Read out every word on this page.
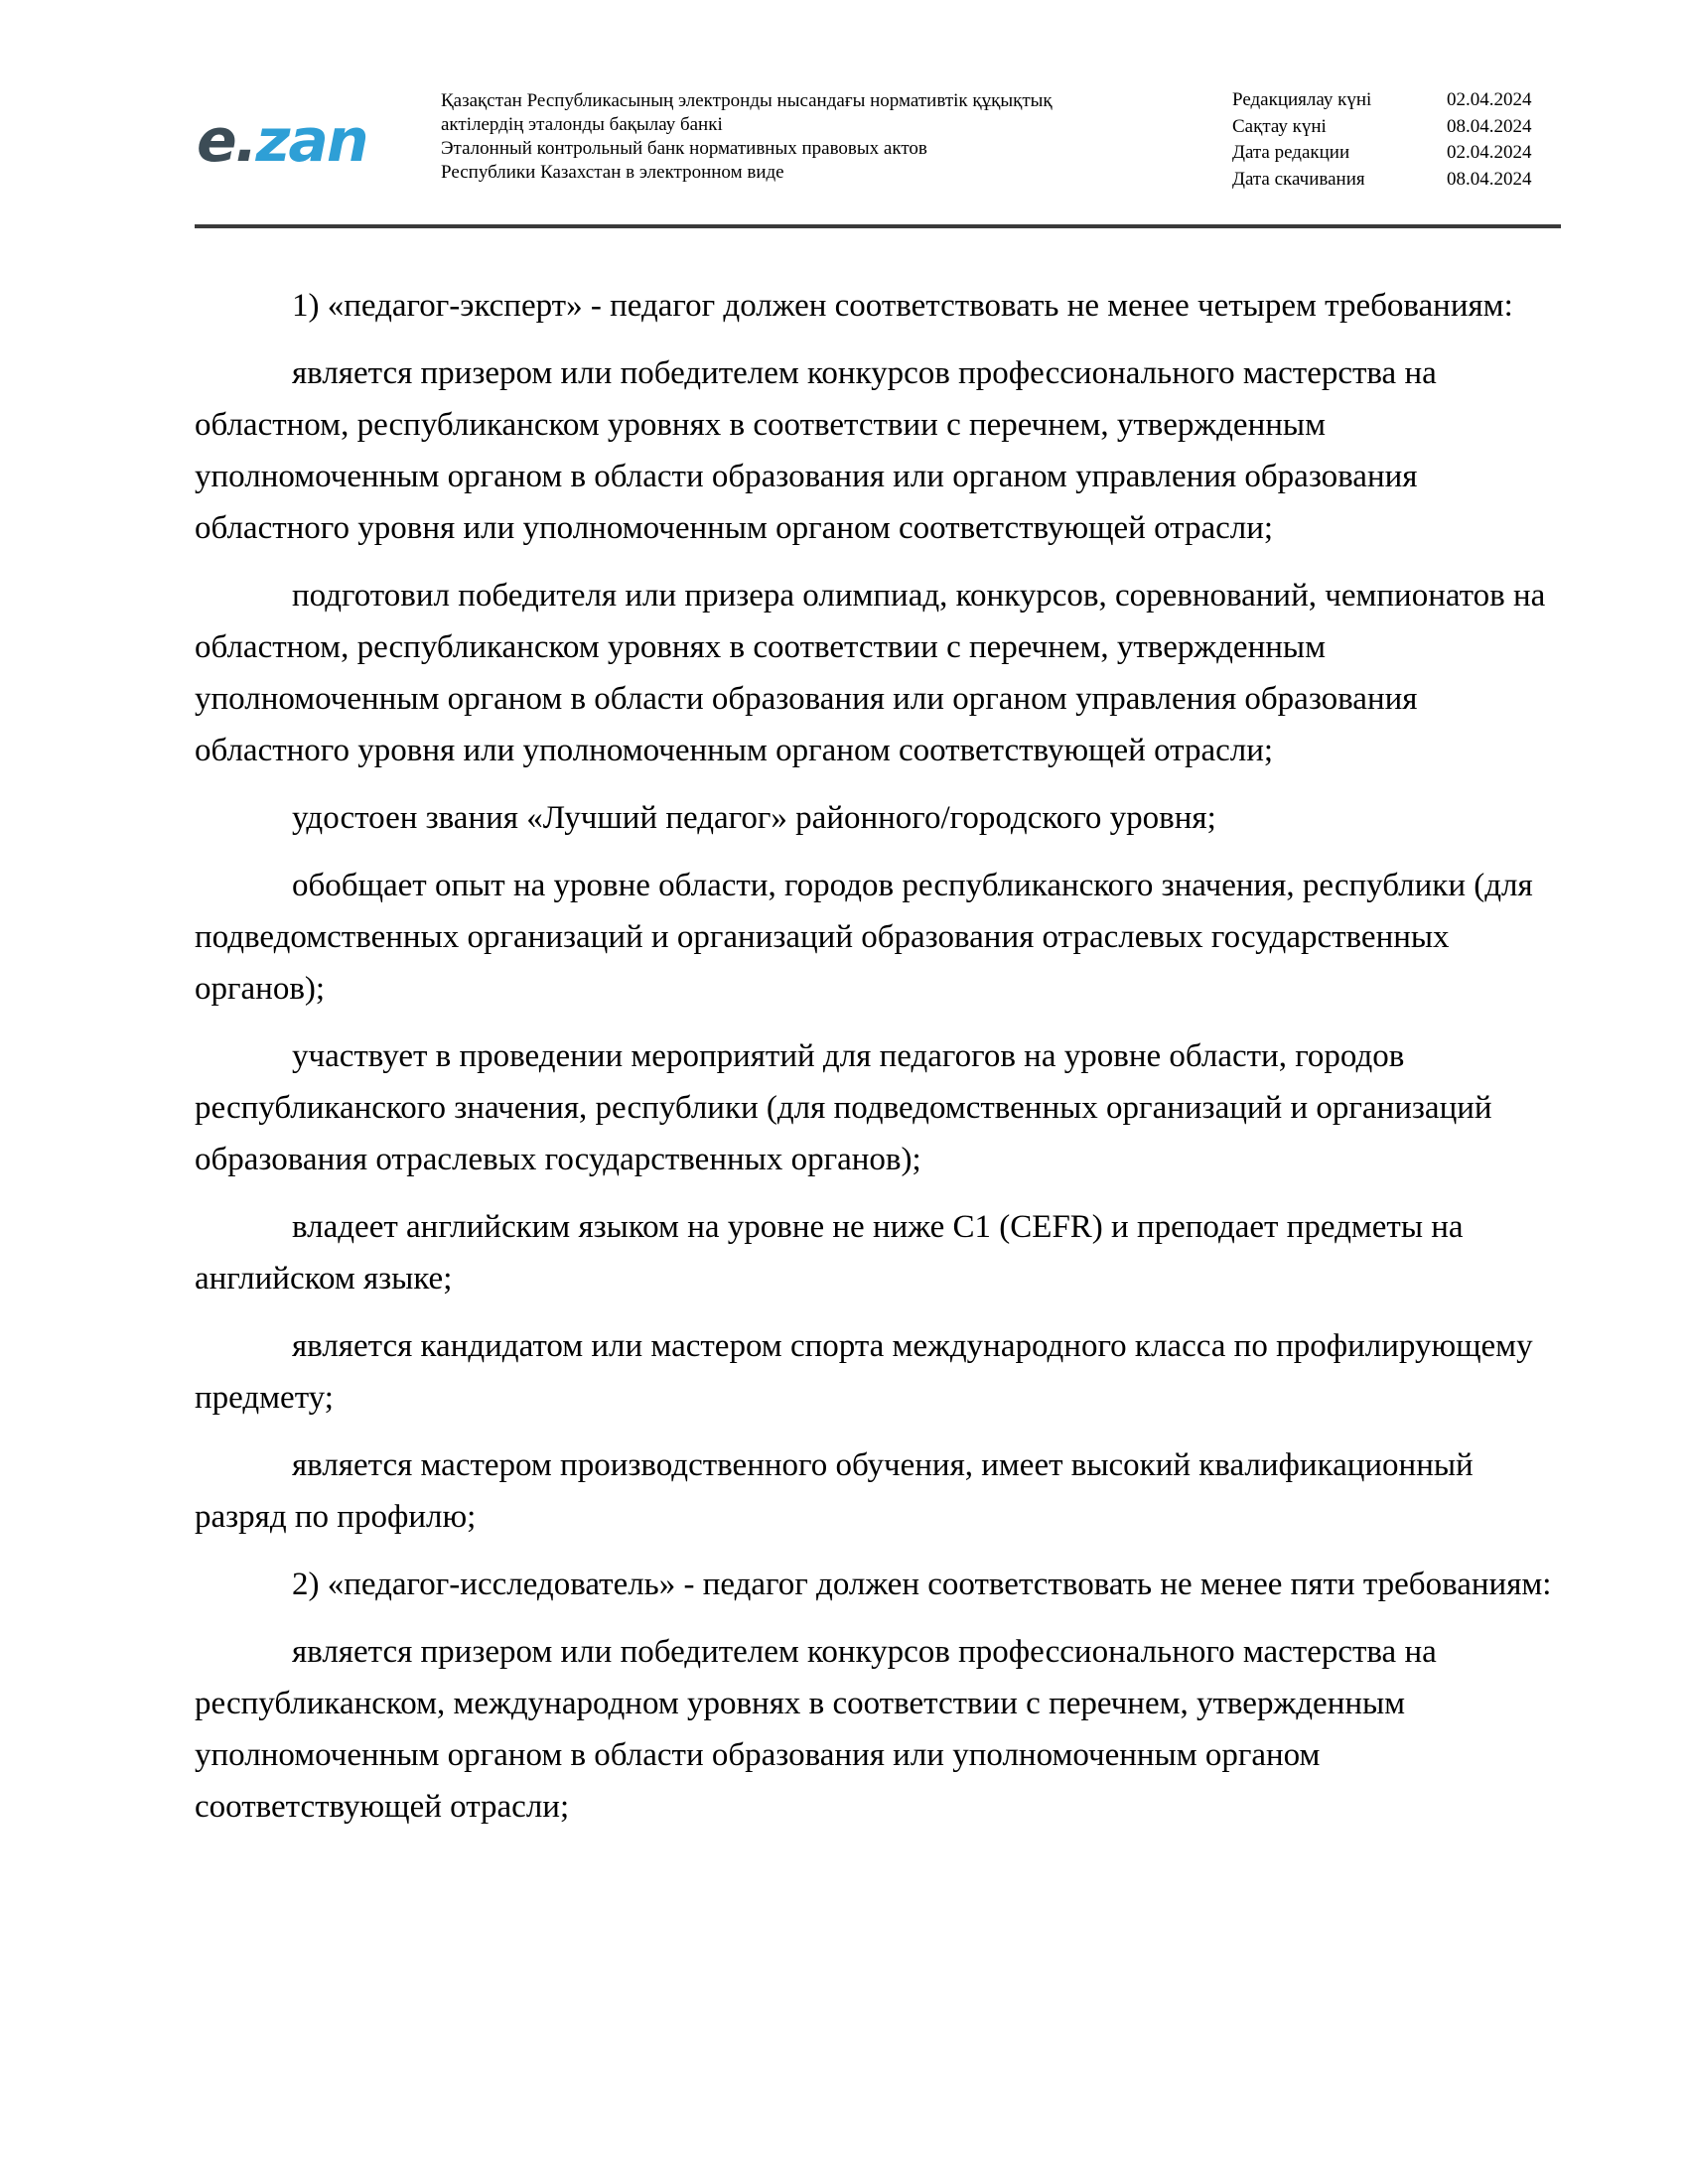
e.zan
Қазақстан Республикасының электронды нысандағы нормативтік құқықтық
актілердің эталонды бақылау банкі
Эталонный контрольный банк нормативных правовых актов
Республики Казахстан в электронном виде
Редакциялау күні	02.04.2024
Сақтау күні	08.04.2024
Дата редакции	02.04.2024
Дата скачивания	08.04.2024

1) «педагог-эксперт» - педагог должен соответствовать не менее четырем требованиям:

является призером или победителем конкурсов профессионального мастерства на областном, республиканском уровнях в соответствии с перечнем, утвержденным уполномоченным органом в области образования или органом управления образования областного уровня или уполномоченным органом соответствующей отрасли;

подготовил победителя или призера олимпиад, конкурсов, соревнований, чемпионатов на областном, республиканском уровнях в соответствии с перечнем, утвержденным уполномоченным органом в области образования или органом управления образования областного уровня или уполномоченным органом соответствующей отрасли;

удостоен звания «Лучший педагог» районного/городского уровня;

обобщает опыт на уровне области, городов республиканского значения, республики (для подведомственных организаций и организаций образования отраслевых государственных органов);

участвует в проведении мероприятий для педагогов на уровне области, городов республиканского значения, республики (для подведомственных организаций и организаций образования отраслевых государственных органов);

владеет английским языком на уровне не ниже C1 (CEFR) и преподает предметы на английском языке;

является кандидатом или мастером спорта международного класса по профилирующему предмету;

является мастером производственного обучения, имеет высокий квалификационный разряд по профилю;

2) «педагог-исследователь» - педагог должен соответствовать не менее пяти требованиям:

является призером или победителем конкурсов профессионального мастерства на республиканском, международном уровнях в соответствии с перечнем, утвержденным уполномоченным органом в области образования или уполномоченным органом соответствующей отрасли;
